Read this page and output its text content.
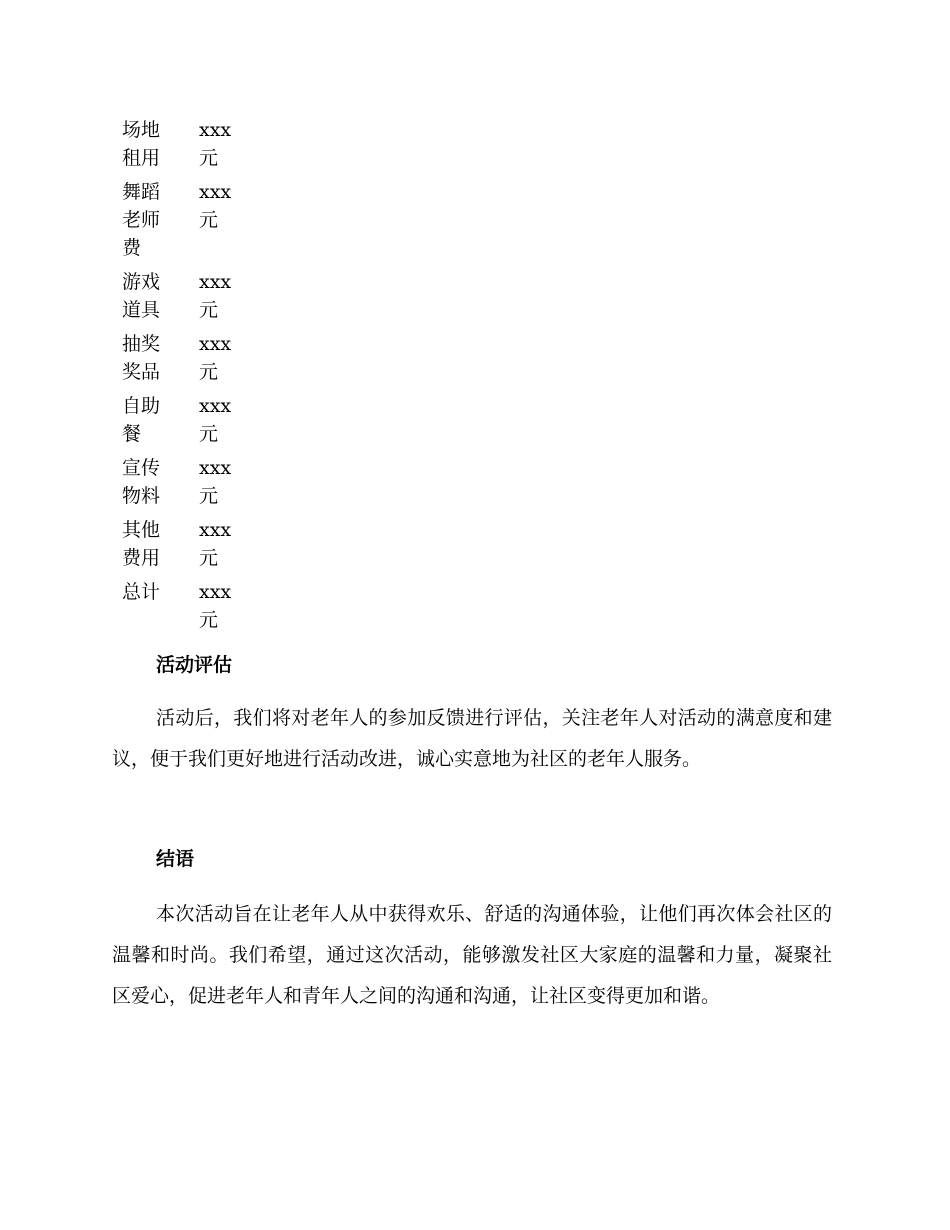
场地租用	xxx元
舞蹈老师费	xxx元
游戏道具	xxx元
抽奖奖品	xxx元
自助餐	xxx元
宣传物料	xxx元
其他费用	xxx元
总计	xxx元
活动评估

活动后，我们将对老年人的参加反馈进行评估，关注老年人对活动的满意度和建议，便于我们更好地进行活动改进，诚心实意地为社区的老年人服务。

结语

本次活动旨在让老年人从中获得欢乐、舒适的沟通体验，让他们再次体会社区的温馨和时尚。我们希望，通过这次活动，能够激发社区大家庭的温馨和力量，凝聚社区爱心，促进老年人和青年人之间的沟通和沟通，让社区变得更加和谐。
